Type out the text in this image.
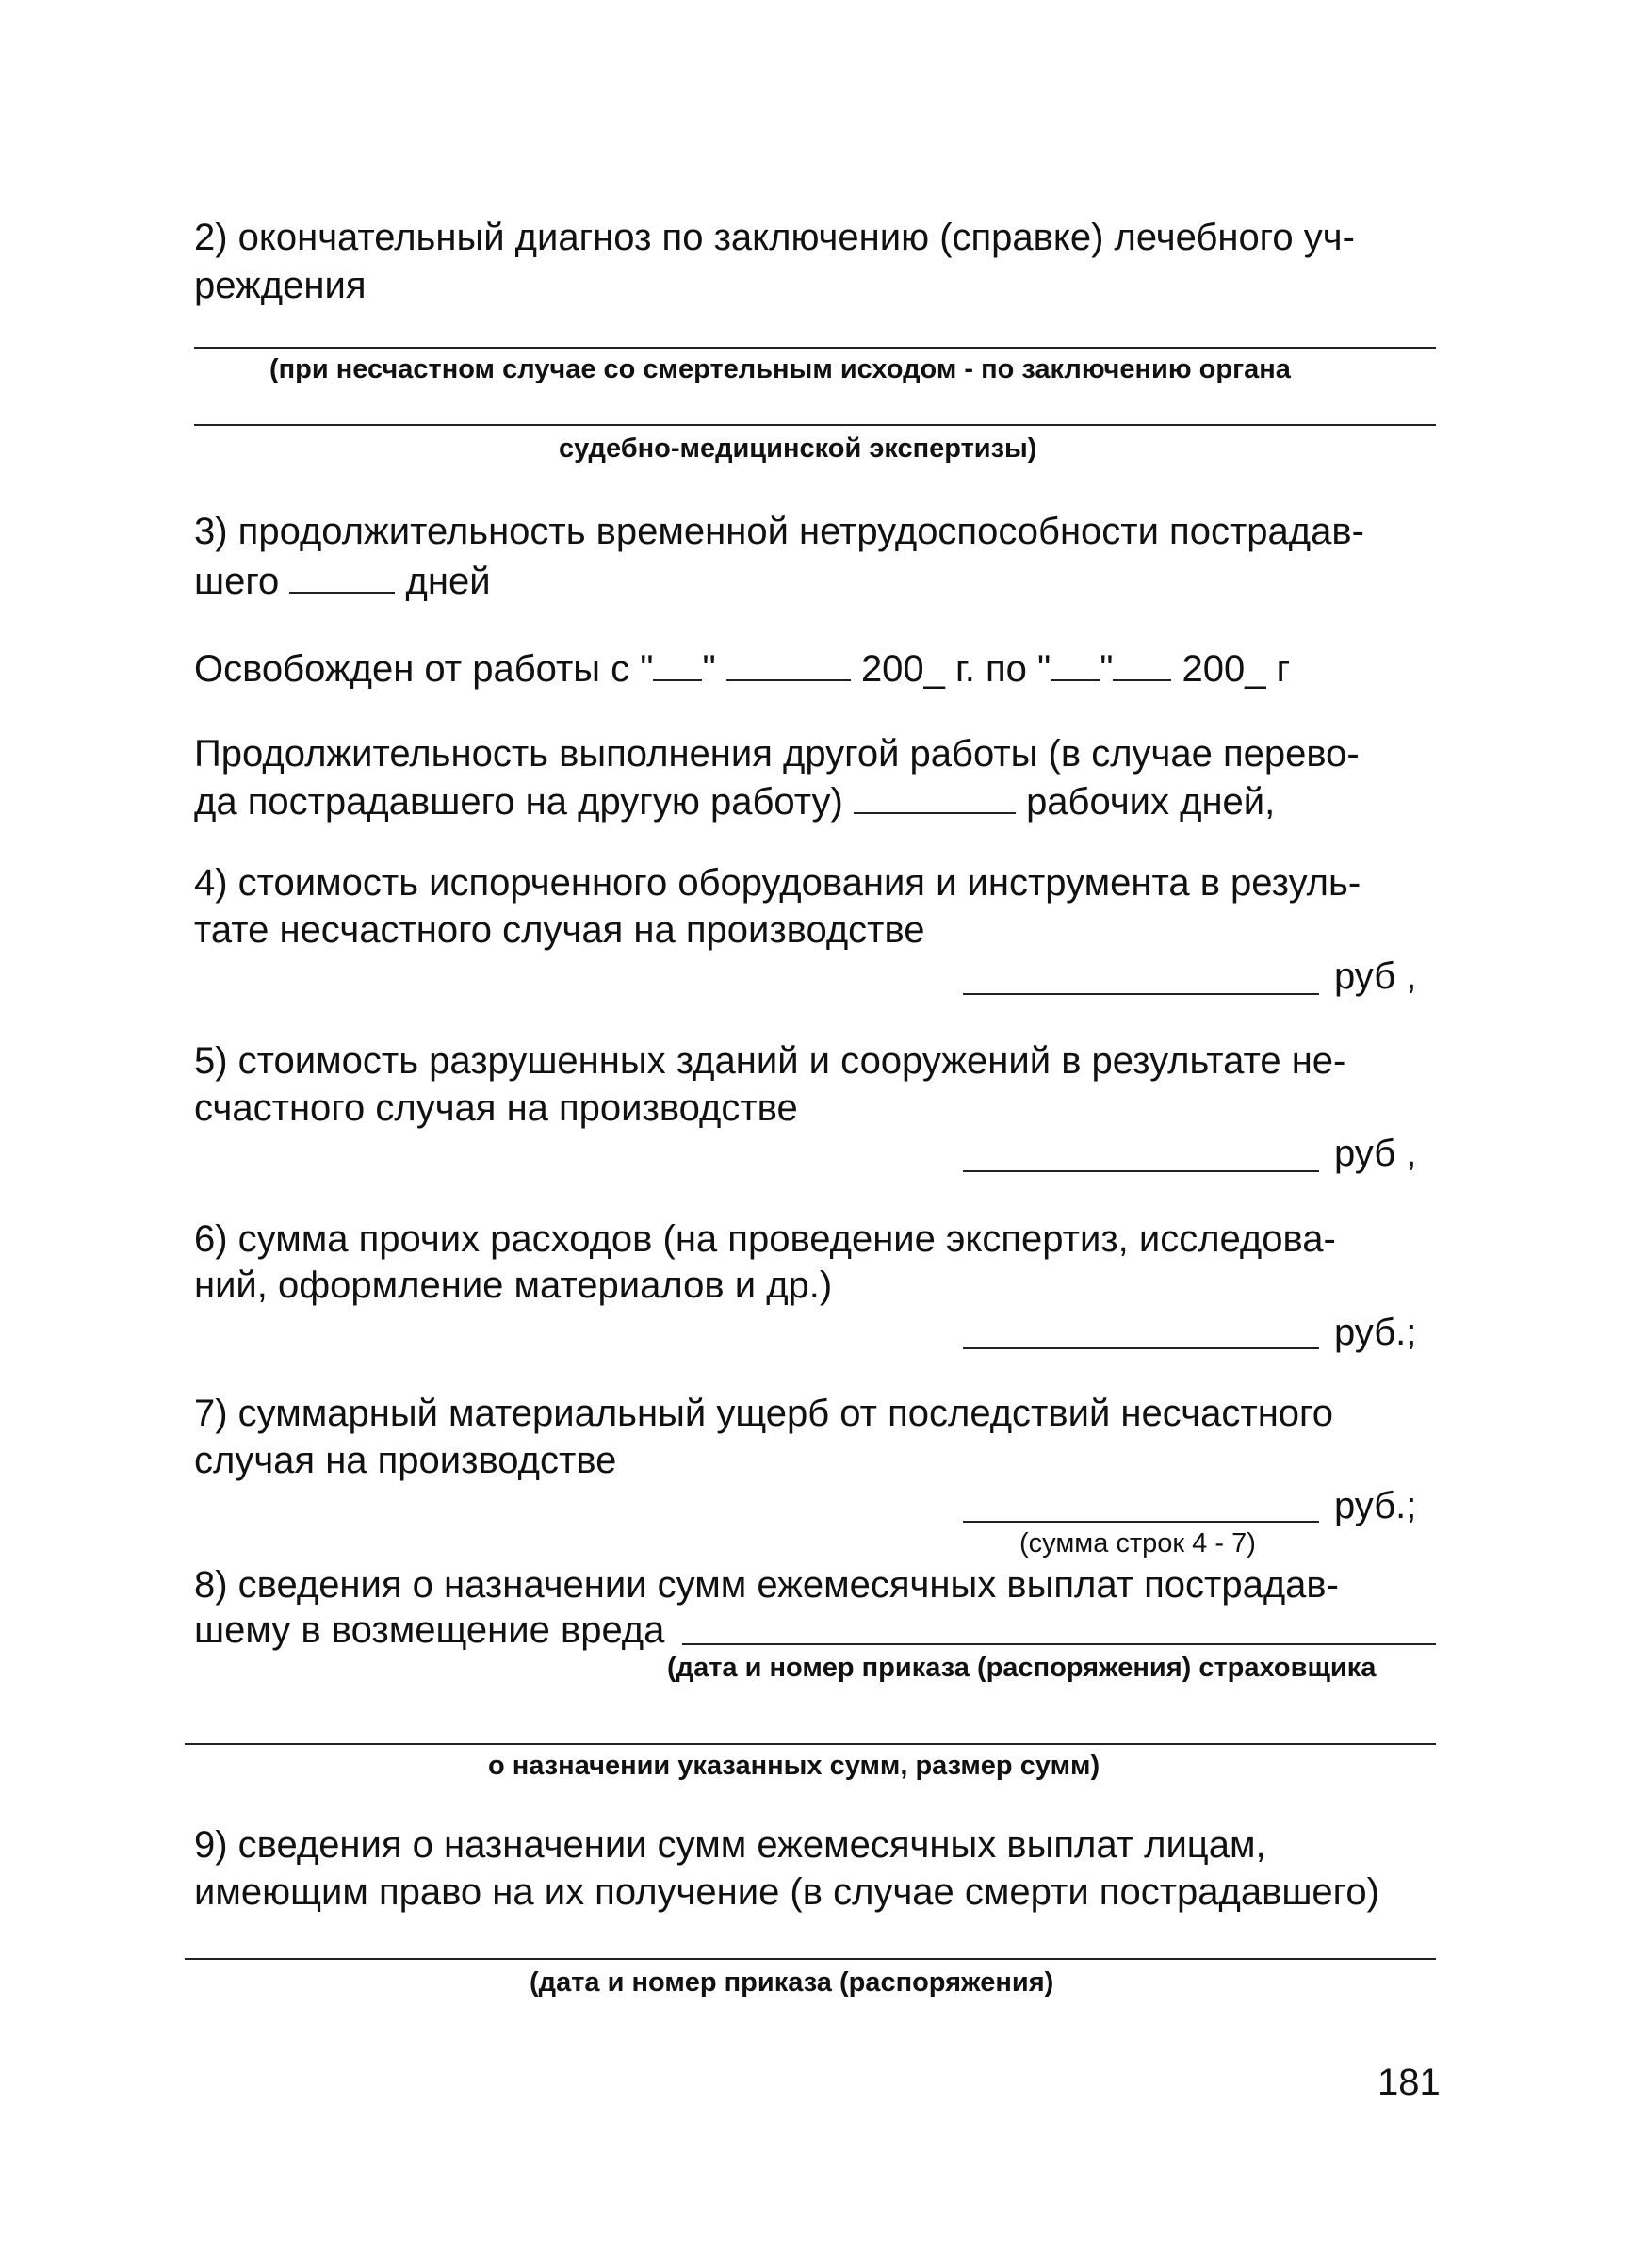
2) окончательный диагноз по заключению (справке) лечебного уч-
реждения
(при несчастном случае со смертельным исходом - по заключению органа
судебно-медицинской экспертизы)
3) продолжительность временной нетрудоспособности пострадав-
шего	дней
Освобожден от работы с " "	200_ г. по " " 200_ г
Продолжительность выполнения другой работы (в случае перево-
да пострадавшего на другую работу)	рабочих дней,
4) стоимость испорченного оборудования и инструмента в резуль-
тате несчастного случая на производстве
руб ,
5) стоимость разрушенных зданий и сооружений в результате не-
счастного случая на производстве
руб ,
6) сумма прочих расходов (на проведение экспертиз, исследова-
ний, оформление материалов и др.)
руб.;
7) суммарный материальный ущерб от последствий несчастного
случая на производстве
руб.;
(сумма строк 4 - 7)
8) сведения о назначении сумм ежемесячных выплат пострадав-
шему в возмещение вреда
(дата и номер приказа (распоряжения) страховщика
о назначении указанных сумм, размер сумм)
9) сведения о назначении сумм ежемесячных выплат лицам,
имеющим право на их получение (в случае смерти пострадавшего)
(дата и номер приказа (распоряжения)
181
